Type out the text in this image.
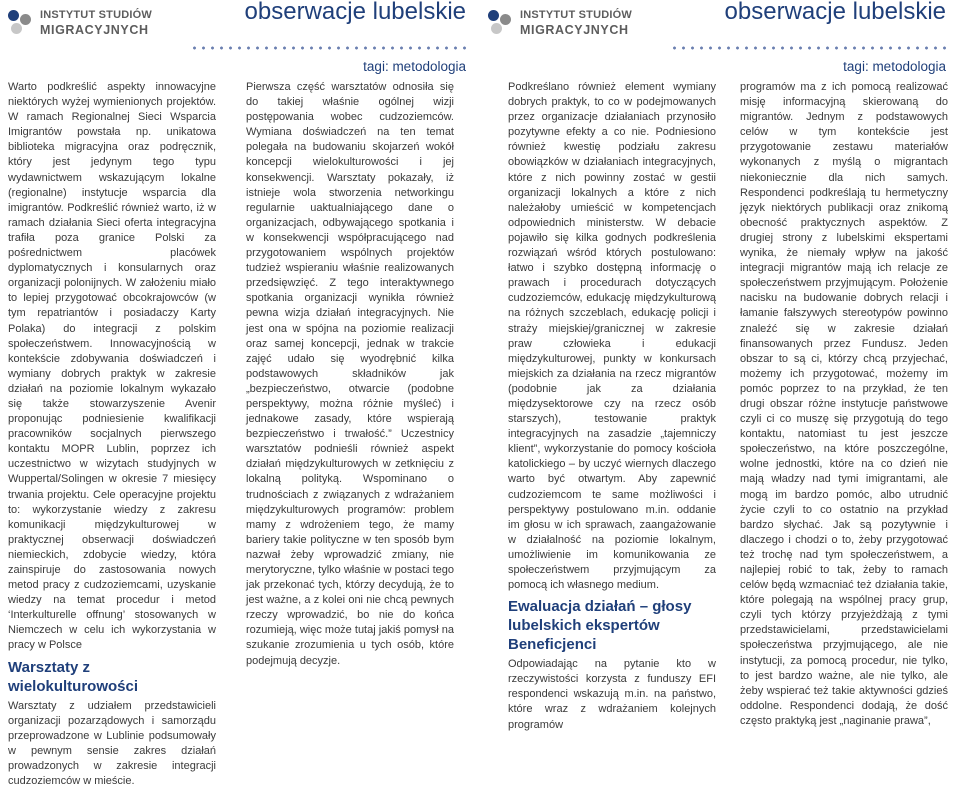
INSTYTUT STUDIÓW
MIGRACYJNYCH
obserwacje lubelskie
tagi: metodologia

Warto podkreślić aspekty innowacyjne niektórych wyżej wymienionych projektów. W ramach Regionalnej Sieci Wsparcia Imigrantów powstała np. unikatowa biblioteka migracyjna oraz podręcznik, który jest jedynym tego typu wydawnictwem wskazującym lokalne (regionalne) instytucje wsparcia dla imigrantów. Podkreślić również warto, iż w ramach działania Sieci oferta integracyjna trafiła poza granice Polski za pośrednictwem placówek dyplomatycznych i konsularnych oraz organizacji polonijnych. W założeniu miało to lepiej przygotować obcokrajowców (w tym repatriantów i posiadaczy Karty Polaka) do integracji z polskim społeczeństwem. Innowacyjnością w kontekście zdobywania doświadczeń i wymiany dobrych praktyk w zakresie działań na poziomie lokalnym wykazało się także stowarzyszenie Avenir proponując podniesienie kwalifikacji pracowników socjalnych pierwszego kontaktu MOPR Lublin, poprzez ich uczestnictwo w wizytach studyjnych w Wuppertal/Solingen w okresie 7 miesięcy trwania projektu. Cele operacyjne projektu to: wykorzystanie wiedzy z zakresu komunikacji międzykulturowej w praktycznej obserwacji doświadczeń niemieckich, zdobycie wiedzy, która zainspiruje do zastosowania nowych metod pracy z cudzoziemcami, uzyskanie wiedzy na temat procedur i metod ‘Interkulturelle offnung’ stosowanych w Niemczech w celu ich wykorzystania w pracy w Polsce

Warsztaty z wielokulturowości

Warsztaty z udziałem przedstawicieli organizacji pozarządowych i samorządu przeprowadzone w Lublinie podsumowały w pewnym sensie zakres działań prowadzonych w zakresie integracji cudzoziemców w mieście.

Pierwsza część warsztatów odnosiła się do takiej właśnie ogólnej wizji postępowania wobec cudzoziemców. Wymiana doświadczeń na ten temat polegała na budowaniu skojarzeń wokół koncepcji wielokulturowości i jej konsekwencji. Warsztaty pokazały, iż istnieje wola stworzenia networkingu regularnie uaktualniającego dane o organizacjach, odbywającego spotkania i w konsekwencji współpracującego nad przygotowaniem wspólnych projektów tudzież wspieraniu właśnie realizowanych przedsięwzięć. Z tego interaktywnego spotkania organizacji wynikła również pewna wizja działań integracyjnych. Nie jest ona w spójna na poziomie realizacji oraz samej koncepcji, jednak w trakcie zajęć udało się wyodrębnić kilka podstawowych składników jak „bezpieczeństwo, otwarcie (podobne perspektywy, można różnie myśleć) i jednakowe zasady, które wspierają bezpieczeństwo i trwałość.” Uczestnicy warsztatów podnieśli również aspekt działań międzykulturowych w zetknięciu z lokalną polityką. Wspominano o trudnościach z związanych z wdrażaniem międzykulturowych programów: problem mamy z wdrożeniem tego, że mamy bariery takie polityczne w ten sposób bym nazwał żeby wprowadzić zmiany, nie merytoryczne, tylko właśnie w postaci tego jak przekonać tych, którzy decydują, że to jest ważne, a z kolei oni nie chcą pewnych rzeczy wprowadzić, bo nie do końca rozumieją, więc może tutaj jakiś pomysł na szukanie zrozumienia u tych osób, które podejmują decyzje.

INSTYTUT STUDIÓW
MIGRACYJNYCH
obserwacje lubelskie
tagi: metodologia

Podkreślano również element wymiany dobrych praktyk, to co w podejmowanych przez organizacje działaniach przynosiło pozytywne efekty a co nie. Podniesiono również kwestię podziału zakresu obowiązków w działaniach integracyjnych, które z nich powinny zostać w gestii organizacji lokalnych a które z nich należałoby umieścić w kompetencjach odpowiednich ministerstw. W debacie pojawiło się kilka godnych podkreślenia rozwiązań wśród których postulowano: łatwo i szybko dostępną informację o prawach i procedurach dotyczących cudzoziemców, edukację międzykulturową na różnych szczeblach, edukację policji i straży miejskiej/granicznej w zakresie praw człowieka i edukacji międzykulturowej, punkty w konkursach miejskich za działania na rzecz migrantów (podobnie jak za działania międzysektorowe czy na rzecz osób starszych), testowanie praktyk integracyjnych na zasadzie „tajemniczy klient”, wykorzystanie do pomocy kościoła katolickiego – by uczyć wiernych dlaczego warto być otwartym. Aby zapewnić cudzoziemcom te same możliwości i perspektywy postulowano m.in. oddanie im głosu w ich sprawach, zaangażowanie w działalność na poziomie lokalnym, umożliwienie im komunikowania ze społeczeństwem przyjmującym za pomocą ich własnego medium.

Ewaluacja działań – głosy lubelskich ekspertów Beneficjenci

Odpowiadając na pytanie kto w rzeczywistości korzysta z funduszy EFI respondenci wskazują m.in. na państwo, które wraz z wdrażaniem kolejnych programów

programów ma z ich pomocą realizować misję informacyjną skierowaną do migrantów. Jednym z podstawowych celów w tym kontekście jest przygotowanie zestawu materiałów wykonanych z myślą o migrantach niekoniecznie dla nich samych. Respondenci podkreślają tu hermetyczny język niektórych publikacji oraz znikomą obecność praktycznych aspektów. Z drugiej strony z lubelskimi ekspertami wynika, że niemały wpływ na jakość integracji migrantów mają ich relacje ze społeczeństwem przyjmującym. Położenie nacisku na budowanie dobrych relacji i łamanie fałszywych stereotypów powinno znaleźć się w zakresie działań finansowanych przez Fundusz. Jeden obszar to są ci, którzy chcą przyjechać, możemy ich przygotować, możemy im pomóc poprzez to na przykład, że ten drugi obszar różne instytucje państwowe czyli ci co muszę się przygotują do tego kontaktu, natomiast tu jest jeszcze społeczeństwo, na które poszczególne, wolne jednostki, które na co dzień nie mają władzy nad tymi imigrantami, ale mogą im bardzo pomóc, albo utrudnić życie czyli to co ostatnio na przykład bardzo słychać. Jak są pozytywnie i dlaczego i chodzi o to, żeby przygotować też trochę nad tym społeczeństwem, a najlepiej robić to tak, żeby to ramach celów będą wzmacniać też działania takie, które polegają na wspólnej pracy grup, czyli tych którzy przyjeżdżają z tymi przedstawicielami, przedstawicielami społeczeństwa przyjmującego, ale nie instytucji, za pomocą procedur, nie tylko, to jest bardzo ważne, ale nie tylko, ale żeby wspierać też takie aktywności gdzieś oddolne. Respondenci dodają, że dość często praktyką jest „naginanie prawa”,
